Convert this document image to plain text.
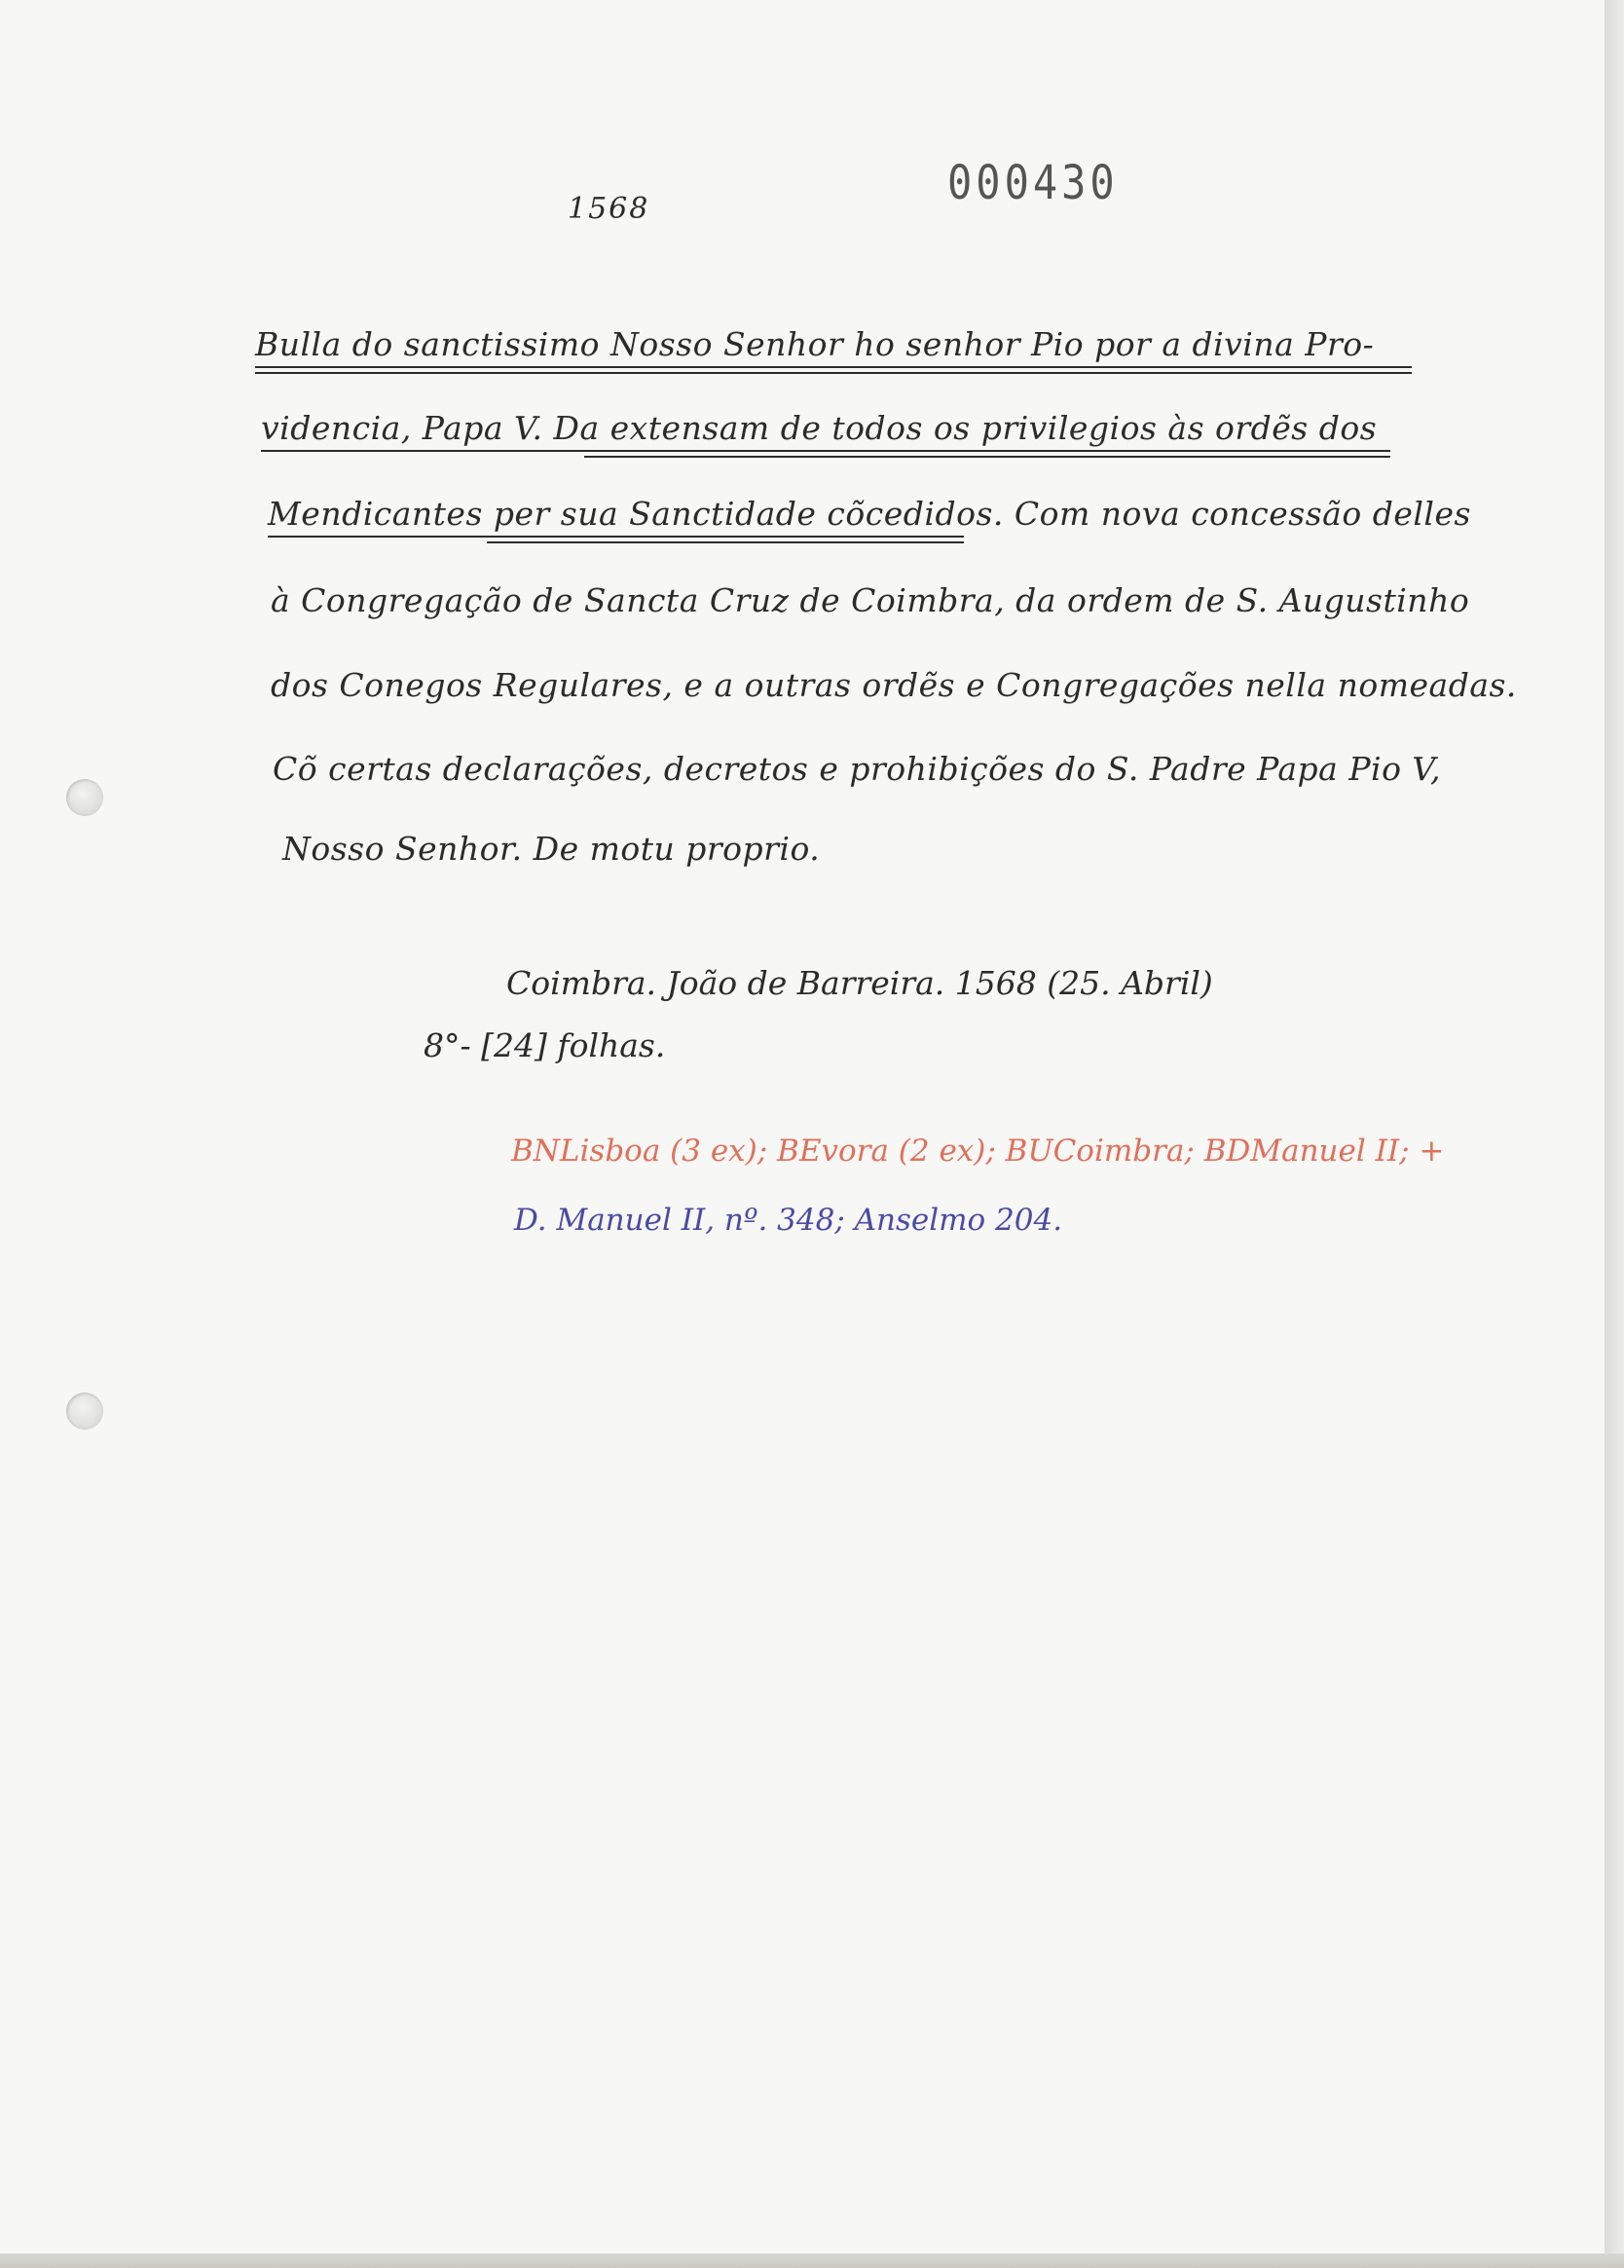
1568	000430
Bulla do sanctissimo Nosso Senhor ho senhor Pio por a divina Pro-
videncia, Papa V. Da extensam de todos os privilegios às ordẽs dos
Mendicantes per sua Sanctidade cõcedidos. Com nova concessão delles
à Congregação de Sancta Cruz de Coimbra, da ordem de S. Augustinho
dos Conegos Regulares, e a outras ordẽs e Congregações nella nomeadas.
Cõ certas declarações, decretos e prohibições do S. Padre Papa Pio V,
Nosso Senhor. De motu proprio.
Coimbra. João de Barreira. 1568 (25. Abril)
8°- [24] folhas.
BNLisboa (3 ex); BEvora (2 ex); BUCoimbra; BDManuel II; +
D. Manuel II, nº. 348; Anselmo 204.
